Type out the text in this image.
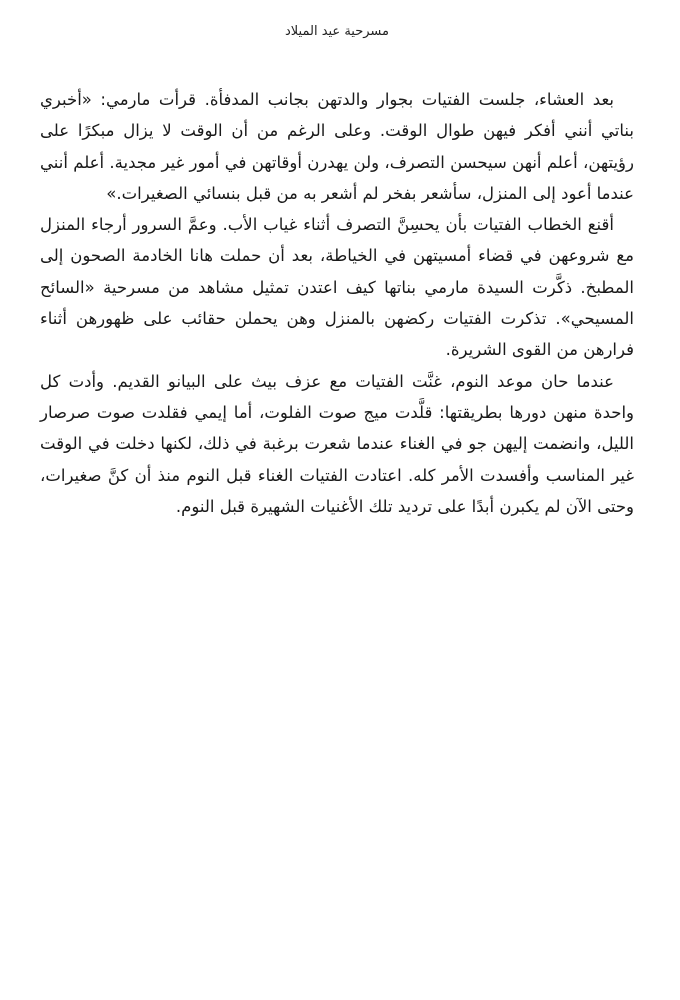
مسرحية عيد الميلاد

بعد العشاء، جلست الفتيات بجوار والدتهن بجانب المدفأة. قرأت مارمي: «أخبري بناتي أنني أفكر فيهن طوال الوقت. وعلى الرغم من أن الوقت لا يزال مبكرًا على رؤيتهن، أعلم أنهن سيحسن التصرف، ولن يهدرن أوقاتهن في أمور غير مجدية. أعلم أنني عندما أعود إلى المنزل، سأشعر بفخر لم أشعر به من قبل بنسائي الصغيرات.»

أقنع الخطاب الفتيات بأن يحسِنَّ التصرف أثناء غياب الأب. وعمَّ السرور أرجاء المنزل مع شروعهن في قضاء أمسيتهن في الخياطة، بعد أن حملت هانا الخادمة الصحون إلى المطبخ. ذكَّرت السيدة مارمي بناتها كيف اعتدن تمثيل مشاهد من مسرحية «السائح المسيحي». تذكرت الفتيات ركضهن بالمنزل وهن يحملن حقائب على ظهورهن أثناء فرارهن من القوى الشريرة.

عندما حان موعد النوم، غنَّت الفتيات مع عزف بيث على البيانو القديم. وأدت كل واحدة منهن دورها بطريقتها: قلَّدت ميج صوت الفلوت، أما إيمي فقلدت صوت صرصار الليل، وانضمت إليهن جو في الغناء عندما شعرت برغبة في ذلك، لكنها دخلت في الوقت غير المناسب وأفسدت الأمر كله. اعتادت الفتيات الغناء قبل النوم منذ أن كنَّ صغيرات، وحتى الآن لم يكبرن أبدًا على ترديد تلك الأغنيات الشهيرة قبل النوم.
